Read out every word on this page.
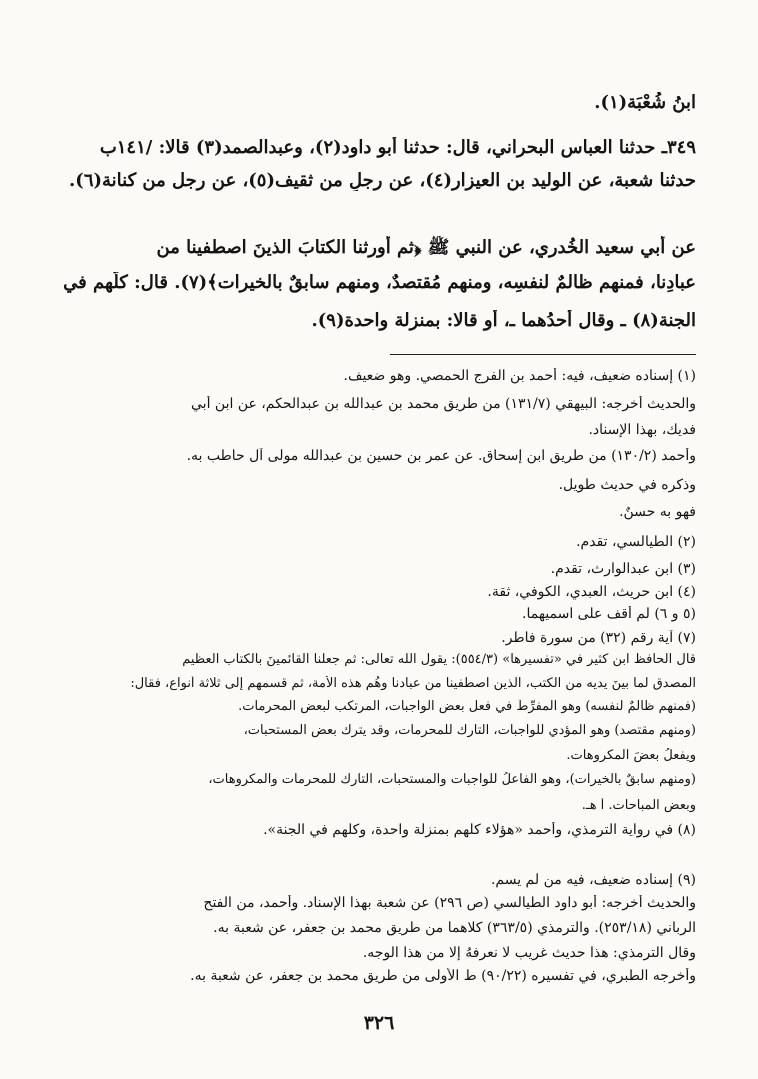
ابنُ شُعْبَة(١).
٣٤٩ـ حدثنا العباس البحراني، قال: حدثنا أبو داود(٢)، وعبدالصمد(٣) قالا: /١٤١ب
حدثنا شعبة، عن الوليد بن العيزار(٤)، عن رجلٍ من ثقيف(٥)، عن رجل من كنانة(٦).
عن أبي سعيد الخُدري، عن النبي ﷺ ﴿ثم أورثنا الكتابَ الذينَ اصطفينا من
عبادِنا، فمنهم ظالمٌ لنفسِه، ومنهم مُقتصدٌ، ومنهم سابقٌ بالخيرات﴾(٧). قال: كلُّهم في
الجنة(٨) ـ وقال أحدُهما ـ، أو قالا: بمنزلة واحدة(٩).
(١) إسناده ضعيف، فيه: أحمد بن الفرج الحمصي. وهو ضعيف.
والحديث أخرجه: البيهقي (١٣١/٧) من طريق محمد بن عبدالله بن عبدالحكم، عن ابن أبي
فديك، بهذا الإسناد.
وأحمد (١٣٠/٢) من طريق ابن إسحاق. عن عمر بن حسين بن عبدالله مولى آل حاطب به.
وذكره في حديث طويل.
فهو به حسنٌ.
(٢) الطيالسي، تقدم.
(٣) ابن عبدالوارث، تقدم.
(٤) ابن حريث، العبدي، الكوفي، ثقة.
(٥ و ٦) لم أقف على اسميهما.
(٧) آية رقم (٣٢) من سورة فاطر.
قال الحافظ ابن كثير في «تفسيرها» (٥٥٤/٣): يقول الله تعالى: ثم جعلنا القائمينَ بالكتاب العظيم
المصدق لما بينَ يديه من الكتب، الذين اصطفينا من عبادنا وهُم هذه الأمة، ثم قسمهم إلى ثلاثة أنواع، فقال:
(فمنهم ظالمٌ لنفسه) وهو المفرِّطُ في فعل بعضِ الواجبات، المرتكب لبعض المحرمات.
(ومنهم مقتصد) وهو المؤدي للواجبات، التارك للمحرمات، وقد يترك بعض المستحبات،
ويفعلُ بعضَ المكروهات.
(ومنهم سابقٌ بالخيرات)، وهو الفاعلُ للواجبات والمستحبات، التارك للمحرمات والمكروهات،
وبعض المباحات. أ هـ.
(٨) في رواية الترمذي، وأحمد «هؤلاء كلهم بمنزلة واحدة، وكلهم في الجنة».
(٩) إسناده ضعيف، فيه من لم يسم.
والحديث أخرجه: أبو داود الطيالسي (ص ٢٩٦) عن شعبة بهذا الإسناد. وأحمد، من الفتح
الرباني (٢٥٣/١٨). والترمذي (٣٦٣/٥) كلاهما من طريق محمد بن جعفر، عن شعبة به.
وقال الترمذي: هذا حديث غريب لا نعرفهُ إلا من هذا الوجه.
وأخرجه الطبري، في تفسيره (٩٠/٢٢) ط الأولى من طريق محمد بن جعفر، عن شعبة به.
٣٢٦
